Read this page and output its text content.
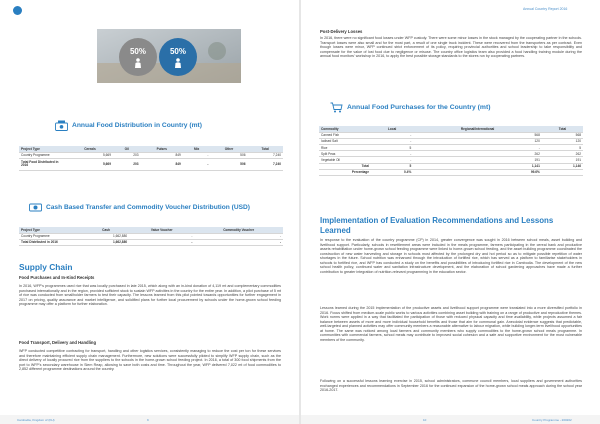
50%	50%
Annual Food Distribution in Country (mt)
Project Type	Cereals	Oil	Pulses	Mix	Other	Total
Country Programme	5,669	203	849	-	506	7,240
Total Food Distributed in 2016	5,669	203	849	-	506	7,240
Cash Based Transfer and Commodity Voucher Distribution (USD)
Project Type	Cash	Value Voucher	Commodity Voucher
Country Programme	1,662,880	-	-
Total Distributed in 2016	1,662,880	-	-
Supply Chain
Food Purchases and In-Kind Receipts
In 2016, WFP's programmes used rice that was locally purchased in late 2015, which along with an in-kind donation of 4,119 mt and complementary commodities purchased internationally and in the region, provided sufficient stock to sustain WFP activities in the country for the entire year. In addition, a pilot purchase of 5 mt of rice was conducted from smallholder farmers to test their capacity. The lessons learned from this pilot pointed towards opportunities for further engagement in 2017 on pricing, quality assurance and market intelligence, and solidified plans for further local procurement by schools under the home-grown school feeding programme may offer a platform for further elaboration.
Food Transport, Delivery and Handling
WFP conducted competitive contracting for transport, handling and other logistics services, consistently managing to reduce the cost per ton for these services and therefore maintaining efficient supply chain management. Furthermore, new solutions were successfully piloted to simplify WFP supply chain, such as the direct delivery of locally procured rice from the suppliers to the schools in the home-grown school feeding project. In 2016, a total of 300 food shipments from the port to WFP's secondary warehouse in Siem Reap, allowing to save both costs and time. Throughout the year, WFP delivered 7,022 mt of food commodities to 2,852 different programme destinations around the country.
Cambodia, Kingdom of (KH)	9
Annual Country Report 2016
Post-Delivery Losses
In 2016, there were no significant food losses under WFP custody. There were some minor losses in the stock managed by the cooperating partner in the schools. Transport losses were also small and for the most part, a result of one single truck incident. These were recovered from the transporters as per contract. Even though losses were minor, WFP continued strict enforcement of its policy, requiring provincial authorities and school leadership to take responsibility and compensate for the value of lost food due to negligence or misuse. The country office logistics team also provided a food handling training module during the annual food monitors' workshop in 2016, to apply the best possible storage standards to the stores run by cooperating partners.
Annual Food Purchases for the Country (mt)
Commodity	Local	Regional/International	Total
Canned Fish	-	568	568
Iodised Salt	-	120	120
Rice	5	-	5
Split Peas	-	262	262
Vegetable Oil	-	191	191
Total	5	1,141	1,146
Percentage	0.4%	99.6%	
Implementation of Evaluation Recommendations and Lessons Learned
In response to the evaluation of the country programme (CP) in 2014, greater convergence was sought in 2016 between school meals, asset building and livelihood support. Particularly, schools in resettlement areas were included in the meals programme, farmers participating in the cereal bank and productive assets rehabilitation under home-grown school feeding programme were linked to home-grown school feeding, and the asset building programme coordinated the construction of new water harvesting and storage in schools most affected by the prolonged dry and hot period so as to mitigate possible repetition of water shortages in the future. School nutrition was enhanced through the introduction of fortified rice, which has served as a platform to familiarise stakeholders in schools to fortified rice, and WFP has conducted a study on the benefits and possibilities of introducing fortified rice in Cambodia. The development of the new school health policy, continued water and sanitation infrastructure development, and the elaboration of school gardening approaches have made a further contribution to greater integration of nutrition-relevant programming in the education sector.
Lessons learned during the 2015 implementation of the productive assets and livelihood support programme were translated into a more diversified portfolio in 2016. Focus shifted from medium-scale public works to various activities combining asset building with training on a range of productive and reproductive themes. Work norms were applied in a way that facilitated the participation of those with reduced physical capacity and time availability, while projects assumed a fair balance between assets of more and more individual household benefits and those that aim for communal gain. Anecdotal evidence suggests that predictable, well-targeted and planned activities may offer community members a reasonable alternative to labour migration, while building longer-term livelihood opportunities at home. The same was noticed among local farmers and community members who supply commodities to the home-grown school meals programme. In communities with commercial farmers, school meals may contribute to improved social cohesion and a safe and supportive environment for the most vulnerable members of the community.
Following on a successful lessons learning exercise in 2015, school administrators, commune council members, local suppliers and government authorities exchanged experiences and recommendations in September 2016 for the continued expansion of the home-grown school meals approach during the school year 2016-2017.
10	Country Programme - 200202
